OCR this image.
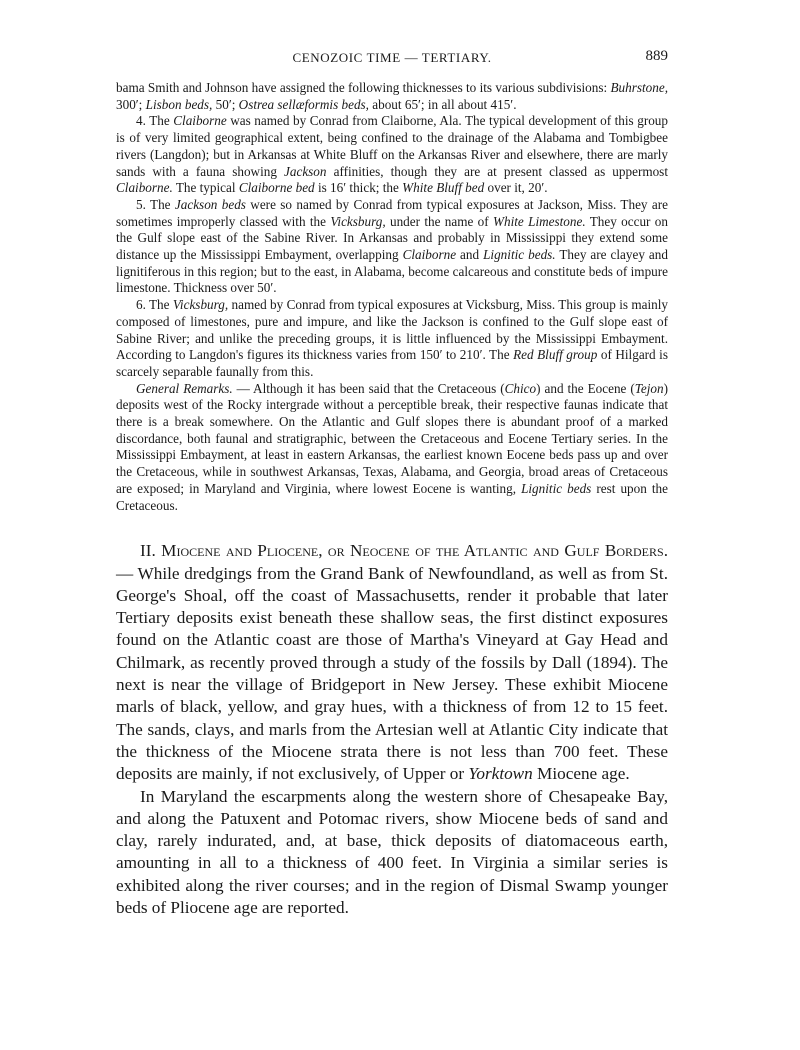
CENOZOIC TIME — TERTIARY.	889

bama Smith and Johnson have assigned the following thicknesses to its various subdivisions: Buhrstone, 300′; Lisbon beds, 50′; Ostrea sellæformis beds, about 65′; in all about 415′.

4. The Claiborne was named by Conrad from Claiborne, Ala. The typical development of this group is of very limited geographical extent, being confined to the drainage of the Alabama and Tombigbee rivers (Langdon); but in Arkansas at White Bluff on the Arkansas River and elsewhere, there are marly sands with a fauna showing Jackson affinities, though they are at present classed as uppermost Claiborne. The typical Claiborne bed is 16′ thick; the White Bluff bed over it, 20′.

5. The Jackson beds were so named by Conrad from typical exposures at Jackson, Miss. They are sometimes improperly classed with the Vicksburg, under the name of White Limestone. They occur on the Gulf slope east of the Sabine River. In Arkansas and probably in Mississippi they extend some distance up the Mississippi Embayment, overlapping Claiborne and Lignitic beds. They are clayey and lignitiferous in this region; but to the east, in Alabama, become calcareous and constitute beds of impure limestone. Thickness over 50′.

6. The Vicksburg, named by Conrad from typical exposures at Vicksburg, Miss. This group is mainly composed of limestones, pure and impure, and like the Jackson is confined to the Gulf slope east of Sabine River; and unlike the preceding groups, it is little influenced by the Mississippi Embayment. According to Langdon's figures its thickness varies from 150′ to 210′. The Red Bluff group of Hilgard is scarcely separable faunally from this.

General Remarks. — Although it has been said that the Cretaceous (Chico) and the Eocene (Tejon) deposits west of the Rocky intergrade without a perceptible break, their respective faunas indicate that there is a break somewhere. On the Atlantic and Gulf slopes there is abundant proof of a marked discordance, both faunal and stratigraphic, between the Cretaceous and Eocene Tertiary series. In the Mississippi Embayment, at least in eastern Arkansas, the earliest known Eocene beds pass up and over the Cretaceous, while in southwest Arkansas, Texas, Alabama, and Georgia, broad areas of Cretaceous are exposed; in Maryland and Virginia, where lowest Eocene is wanting, Lignitic beds rest upon the Cretaceous.

II. Miocene and Pliocene, or Neocene of the Atlantic and Gulf Borders. — While dredgings from the Grand Bank of Newfoundland, as well as from St. George's Shoal, off the coast of Massachusetts, render it probable that later Tertiary deposits exist beneath these shallow seas, the first distinct exposures found on the Atlantic coast are those of Martha's Vineyard at Gay Head and Chilmark, as recently proved through a study of the fossils by Dall (1894). The next is near the village of Bridgeport in New Jersey. These exhibit Miocene marls of black, yellow, and gray hues, with a thickness of from 12 to 15 feet. The sands, clays, and marls from the Artesian well at Atlantic City indicate that the thickness of the Miocene strata there is not less than 700 feet. These deposits are mainly, if not exclusively, of Upper or Yorktown Miocene age.

In Maryland the escarpments along the western shore of Chesapeake Bay, and along the Patuxent and Potomac rivers, show Miocene beds of sand and clay, rarely indurated, and, at base, thick deposits of diatomaceous earth, amounting in all to a thickness of 400 feet. In Virginia a similar series is exhibited along the river courses; and in the region of Dismal Swamp younger beds of Pliocene age are reported.
